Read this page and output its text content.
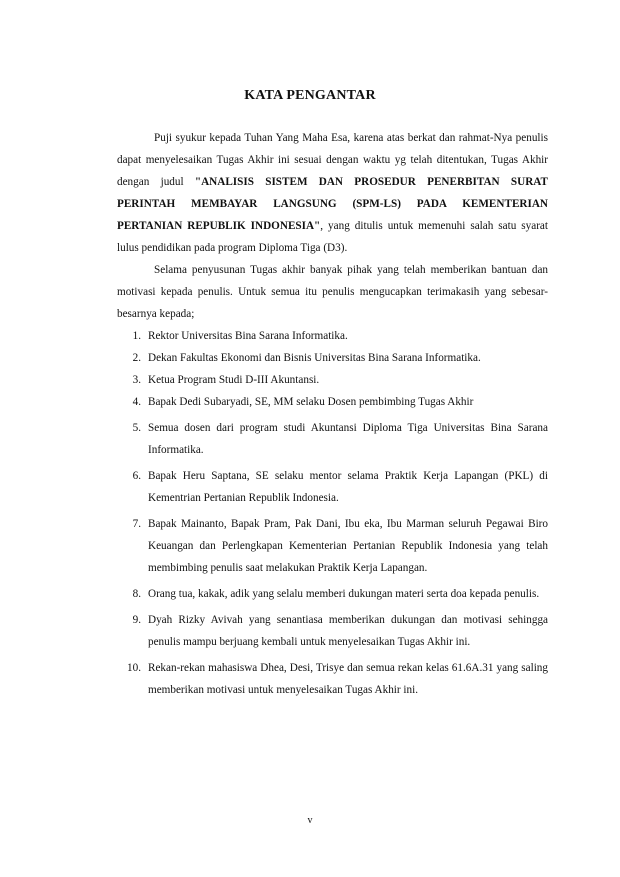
KATA PENGANTAR

Puji syukur kepada Tuhan Yang Maha Esa, karena atas berkat dan rahmat-Nya penulis dapat menyelesaikan Tugas Akhir ini sesuai dengan waktu yg telah ditentukan, Tugas Akhir dengan judul "ANALISIS SISTEM DAN PROSEDUR PENERBITAN SURAT PERINTAH MEMBAYAR LANGSUNG (SPM-LS) PADA KEMENTERIAN PERTANIAN REPUBLIK INDONESIA", yang ditulis untuk memenuhi salah satu syarat lulus pendidikan pada program Diploma Tiga (D3).

Selama penyusunan Tugas akhir banyak pihak yang telah memberikan bantuan dan motivasi kepada penulis. Untuk semua itu penulis mengucapkan terimakasih yang sebesar-besarnya kepada;

1. Rektor Universitas Bina Sarana Informatika.
2. Dekan Fakultas Ekonomi dan Bisnis Universitas Bina Sarana Informatika.
3. Ketua Program Studi D-III Akuntansi.
4. Bapak Dedi Subaryadi, SE, MM selaku Dosen pembimbing Tugas Akhir
5. Semua dosen dari program studi Akuntansi Diploma Tiga Universitas Bina Sarana Informatika.
6. Bapak Heru Saptana, SE selaku mentor selama Praktik Kerja Lapangan (PKL) di Kementrian Pertanian Republik Indonesia.
7. Bapak Mainanto, Bapak Pram, Pak Dani, Ibu eka, Ibu Marman seluruh Pegawai Biro Keuangan dan Perlengkapan Kementerian Pertanian Republik Indonesia yang telah membimbing penulis saat melakukan Praktik Kerja Lapangan.
8. Orang tua, kakak, adik yang selalu memberi dukungan materi serta doa kepada penulis.
9. Dyah Rizky Avivah yang senantiasa memberikan dukungan dan motivasi sehingga penulis mampu berjuang kembali untuk menyelesaikan Tugas Akhir ini.
10. Rekan-rekan mahasiswa Dhea, Desi, Trisye dan semua rekan kelas 61.6A.31 yang saling memberikan motivasi untuk menyelesaikan Tugas Akhir ini.
v
